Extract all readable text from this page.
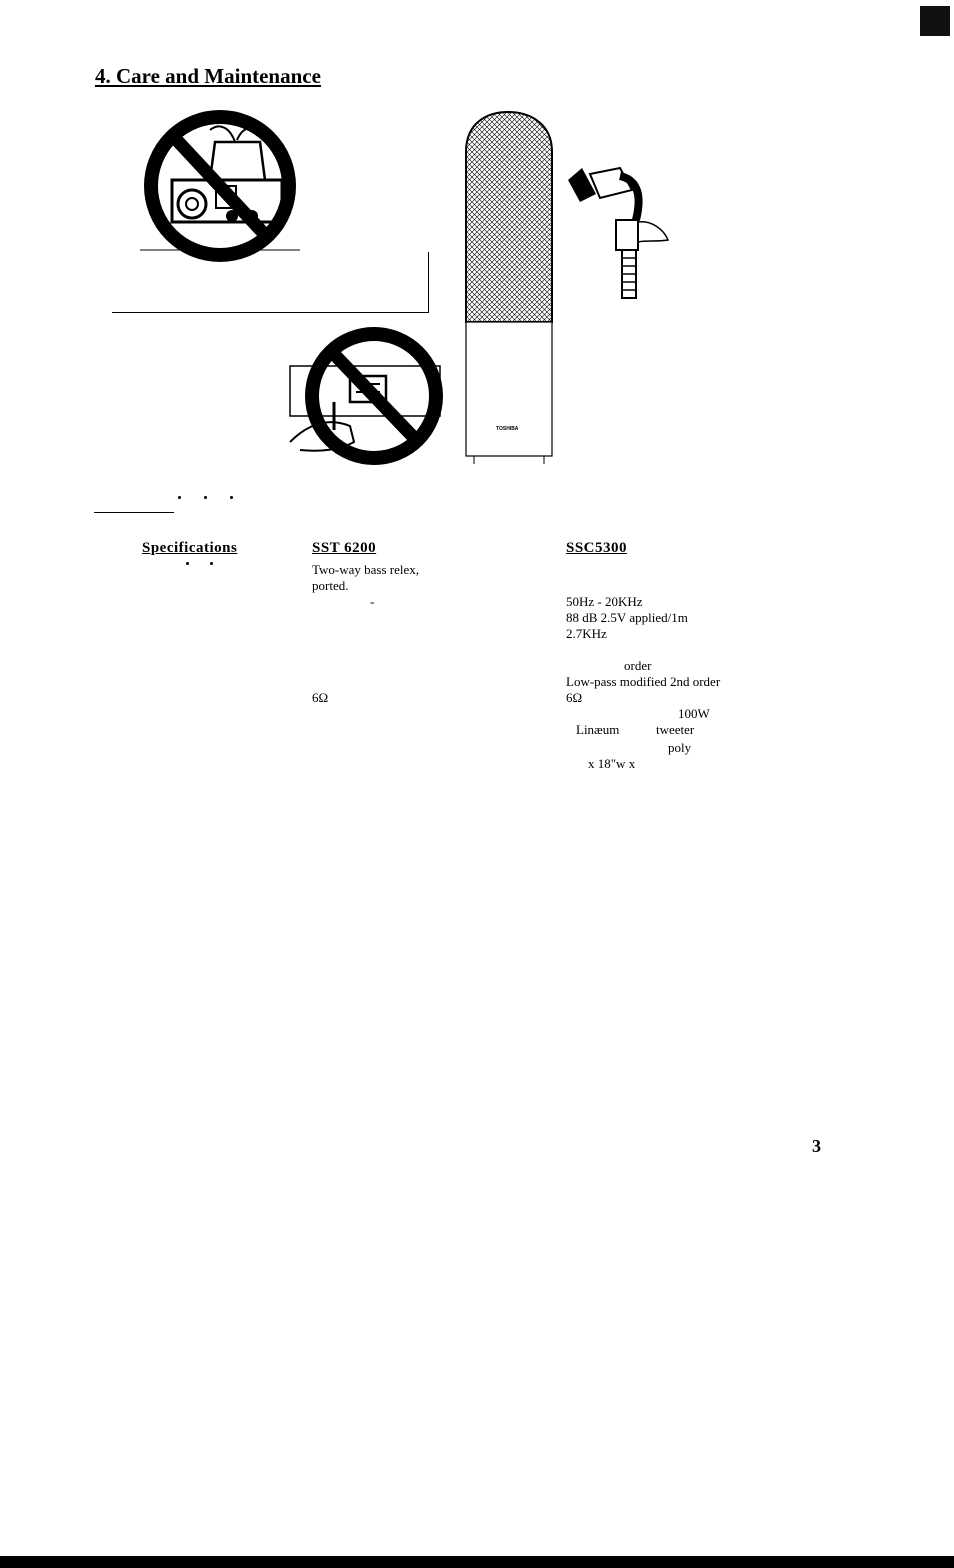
4. Care and Maintenance
TOSHIBA
Specifications	SST 6200
Two-way bass relex,
ported.
-
6Ω
SSC5300
50Hz - 20KHz
88 dB 2.5V applied/1m
2.7KHz
order
Low-pass modified 2nd order
6Ω
100W
Linæum	tweeter
poly
x 18"w x
3
